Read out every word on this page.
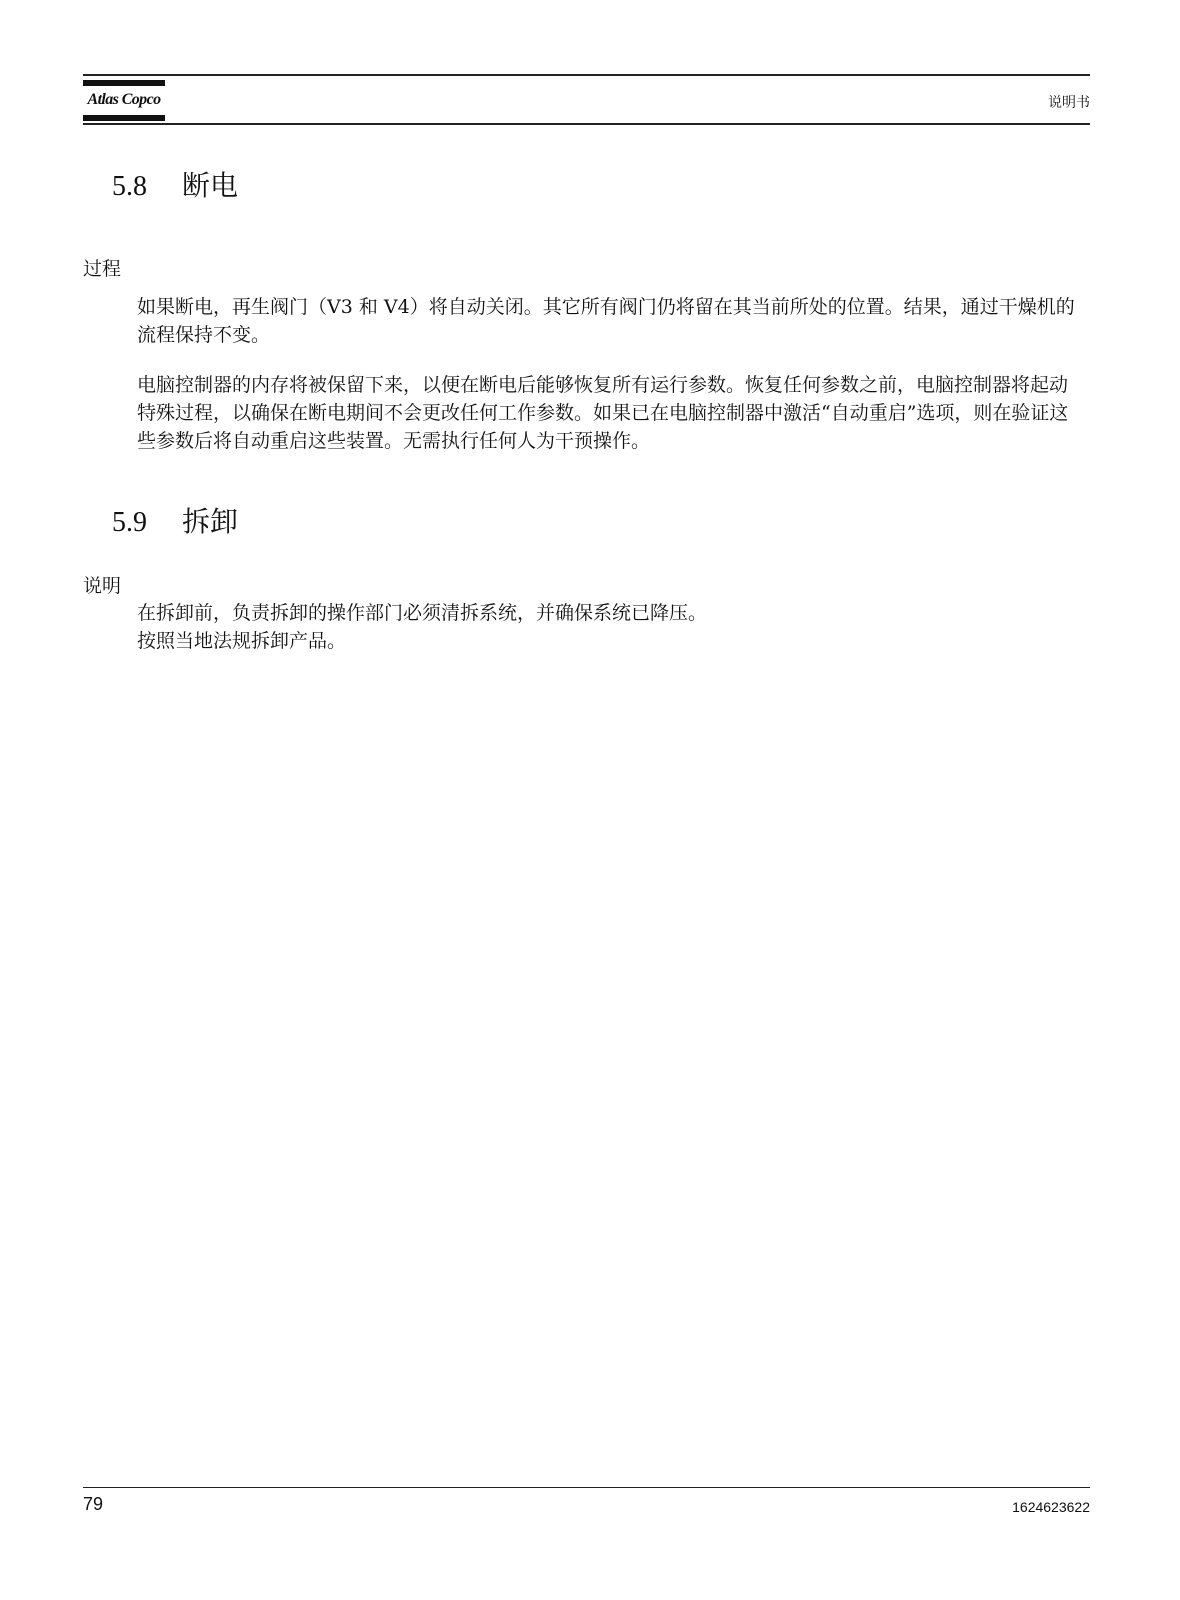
Atlas Copco	说明书
5.8 断电
过程

如果断电，再生阀门（V3 和 V4）将自动关闭。其它所有阀门仍将留在其当前所处的位置。结果，通过干燥机的流程保持不变。

电脑控制器的内存将被保留下来，以便在断电后能够恢复所有运行参数。恢复任何参数之前，电脑控制器将起动特殊过程，以确保在断电期间不会更改任何工作参数。如果已在电脑控制器中激活“自动重启”选项，则在验证这些参数后将自动重启这些装置。无需执行任何人为干预操作。

5.9 拆卸
说明

在拆卸前，负责拆卸的操作部门必须清拆系统，并确保系统已降压。

按照当地法规拆卸产品。

79	1624623622
